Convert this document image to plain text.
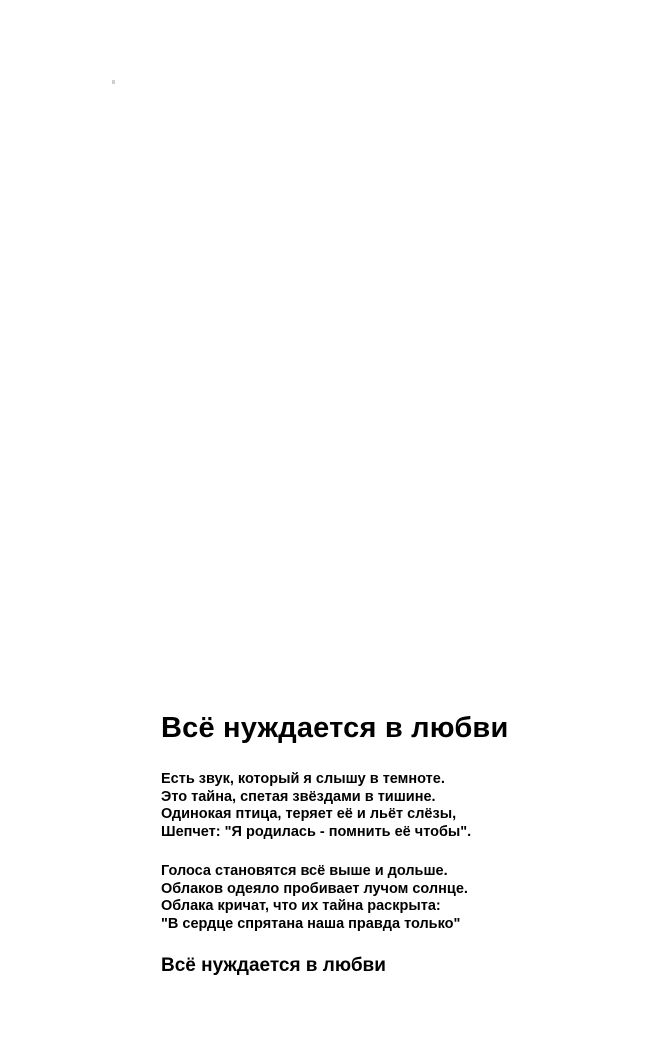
Всё нуждается в любви
Есть звук, который я слышу в темноте.
Это тайна, спетая звёздами в тишине.
Одинокая птица, теряет её и льёт слёзы,
Шепчет: "Я родилась - помнить её чтобы".
Голоса становятся всё выше и дольше.
Облаков одеяло пробивает лучом солнце.
Облака кричат, что их тайна раскрыта:
"В сердце спрятана наша правда только"
Всё нуждается в любви
